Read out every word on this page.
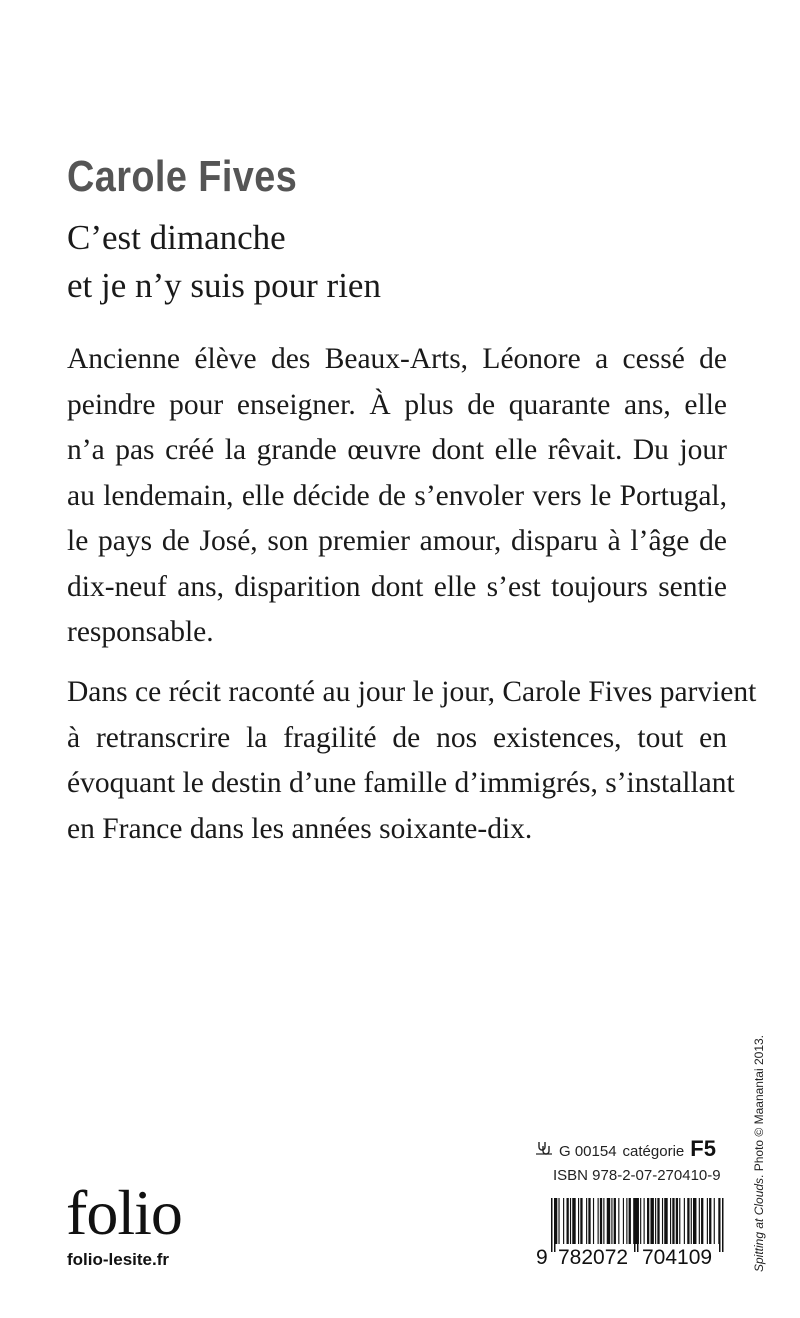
Carole Fives
C’est dimanche
et je n’y suis pour rien
Ancienne élève des Beaux-Arts, Léonore a cessé de
peindre pour enseigner. À plus de quarante ans, elle
n’a pas créé la grande œuvre dont elle rêvait. Du jour
au lendemain, elle décide de s’envoler vers le Portugal,
le pays de José, son premier amour, disparu à l’âge de
dix-neuf ans, disparition dont elle s’est toujours sentie
responsable.
Dans ce récit raconté au jour le jour, Carole Fives parvient
à retranscrire la fragilité de nos existences, tout en
évoquant le destin d’une famille d’immigrés, s’installant
en France dans les années soixante-dix.
Spitting at Clouds. Photo © Maanantai 2013.
folio
folio-lesite.fr
G 00154 catégorie F5
ISBN 978-2-07-270410-9
9 782072 704109
